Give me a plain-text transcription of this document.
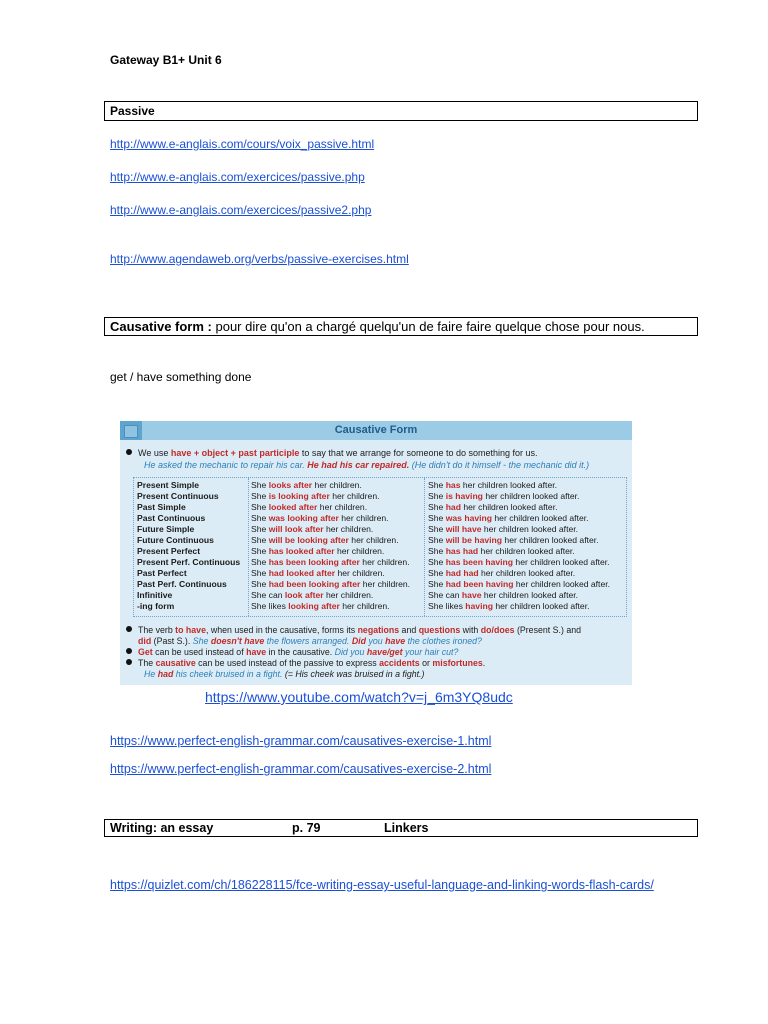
Gateway B1+ Unit 6
Passive
http://www.e-anglais.com/cours/voix_passive.html
http://www.e-anglais.com/exercices/passive.php
http://www.e-anglais.com/exercices/passive2.php
http://www.agendaweb.org/verbs/passive-exercises.html
Causative form : pour dire qu'on a chargé quelqu'un de faire faire quelque chose pour nous.
get / have something done
Causative Form
We use have + object + past participle to say that we arrange for someone to do something for us.
He asked the mechanic to repair his car. He had his car repaired. (He didn't do it himself - the mechanic did it.)
Present Simple	She looks after her children.	She has her children looked after.
Present Continuous	She is looking after her children.	She is having her children looked after.
Past Simple	She looked after her children.	She had her children looked after.
Past Continuous	She was looking after her children.	She was having her children looked after.
Future Simple	She will look after her children.	She will have her children looked after.
Future Continuous	She will be looking after her children.	She will be having her children looked after.
Present Perfect	She has looked after her children.	She has had her children looked after.
Present Perf. Continuous She has been looking after her children. She has been having her children looked after.
Past Perfect	She had looked after her children.	She had had her children looked after.
Past Perf. Continuous	She had been looking after her children. She had been having her children looked after.
Infinitive	She can look after her children.	She can have her children looked after.
-ing form	She likes looking after her children.	She likes having her children looked after.
The verb to have, when used in the causative, forms its negations and questions with do/does (Present S.) and
did (Past S.). She doesn't have the flowers arranged. Did you have the clothes ironed?
Get can be used instead of have in the causative. Did you have/get your hair cut?
The causative can be used instead of the passive to express accidents or misfortunes.
He had his cheek bruised in a fight. (= His cheek was bruised in a fight.)
https://www.youtube.com/watch?v=j_6m3YQ8udc
https://www.perfect-english-grammar.com/causatives-exercise-1.html
https://www.perfect-english-grammar.com/causatives-exercise-2.html
Writing: an essay	p. 79	Linkers
https://quizlet.com/ch/186228115/fce-writing-essay-useful-language-and-linking-words-flash-cards/
